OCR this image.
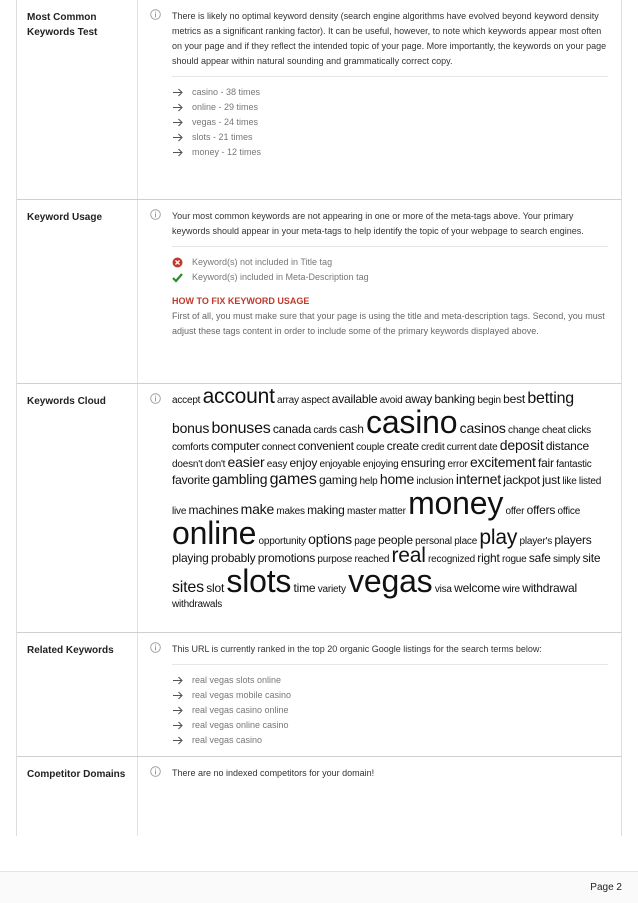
Most Common Keywords Test

There is likely no optimal keyword density (search engine algorithms have evolved beyond keyword density metrics as a significant ranking factor). It can be useful, however, to note which keywords appear most often on your page and if they reflect the intended topic of your page. More importantly, the keywords on your page should appear within natural sounding and grammatically correct copy.

casino - 38 times
online - 29 times
vegas - 24 times
slots - 21 times
money - 12 times
Keyword Usage	Your most common keywords are not appearing in one or more of the meta-tags above. Your primary keywords should appear in your meta-tags to help identify the topic of your webpage to search engines.

Keyword(s) not included in Title tag
Keyword(s) included in Meta-Description tag
HOW TO FIX KEYWORD USAGE
First of all, you must make sure that your page is using the title and meta-description tags. Second, you must adjust these tags content in order to include some of the primary keywords displayed above.
Keywords Cloud	accept account array aspect available avoid away banking begin best betting bonus bonuses canada cards cash casino casinos change cheat clicks comforts computer connect convenient couple create credit current date deposit distance doesn't don't easier easy enjoy enjoyable enjoying ensuring error excitement fair fantastic favorite gambling games gaming help home inclusion internet jackpot just like listed live machines make makes making master matter money offer offers office online opportunity options page people personal place play player's players playing probably promotions purpose reached real recognized right rogue safe simply site sites slot slots time variety vegas visa welcome wire withdrawal withdrawals
Related Keywords	This URL is currently ranked in the top 20 organic Google listings for the search terms below:

real vegas slots online
real vegas mobile casino
real vegas casino online
real vegas online casino
real vegas casino
Competitor Domains	There are no indexed competitors for your domain!

Page 2
